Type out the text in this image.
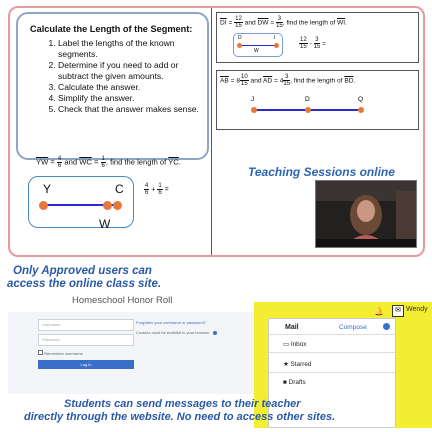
Calculate the Length of the Segment:
1. Label the lengths of the known segments.
2. Determine if you need to add or subtract the given amounts.
3. Calculate the answer.
4. Simplify the answer.
5. Check that the answer makes sense.
$\overline{YW} = \frac{4}{6}$ and $\overline{WC} = \frac{1}{6}$ , find the length of $\overline{YC}$.
Y	C
W
$\frac{4}{6} + \frac{1}{6}$ =
$\overline{DI} = \frac{12}{15}$ and $\overline{DW} = \frac{3}{15}$ , find the length of $\overline{WI}$.
D	I
W
$\frac{12}{15} - \frac{3}{15}$ =
$\overline{AB} = 8 \frac{10}{15}$ and $\overline{AD} = 4 \frac{3}{15}$ , find the length of $\overline{BD}$.
J	D	Q
Teaching Sessions online
Only Approved users can
access the online class site.
Homeschool Honor Roll
Username
Password
Remember username
Log in
Forgotten your username or password?
Cookies must be enabled in your browser
🔔	✉ Wendy
Mail	Compose
▭ Inbox
★ Starred
■ Drafts
Students can send messages to their teacher
directly through the website. No need to access other sites.
